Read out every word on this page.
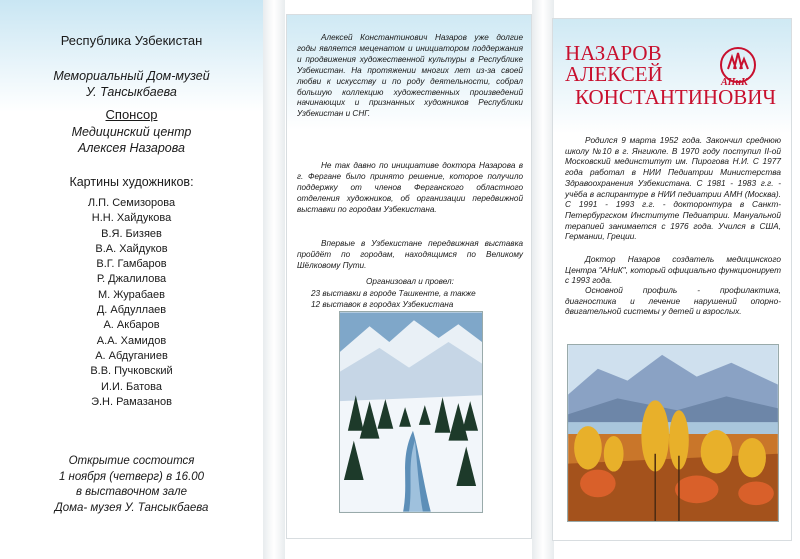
Республика Узбекистан
Мемориальный Дом-музей
У. Тансыкбаева
Спонсор
Медицинский центр
Алексея Назарова
Картины художников:
Л.П. Семизорова
Н.Н. Хайдукова
В.Я. Бизяев
В.А. Хайдуков
В.Г. Гамбаров
Р. Джалилова
М. Журабаев
Д. Абдуллаев
А. Акбаров
А.А. Хамидов
А. Абдуганиев
В.В. Пучковский
И.И. Батова
Э.Н. Рамазанов
Открытие состоится
1 ноября (четверг) в 16.00
в выставочном зале
Дома- музея У. Тансыкбаева

Алексей Константинович Назаров уже долгие годы является меценатом и инициатором поддержания и продвижения художественной культуры в Республике Узбекистан. На протяжении многих лет из-за своей любви к искусству и по роду деятельности, собрал большую коллекцию художественных произведений начинающих и признанных художников Республики Узбекистан и СНГ.

Не так давно по инициативе доктора Назарова в г. Фергане было принято решение, которое получило поддержку от членов Ферганского областного отделения художников, об организации передвижной выставки по городам Узбекистана.

Впервые в Узбекистане передвижная выставка пройдёт по городам, находящимся по Великому Шёлковому Пути.

Организовал и провел:
23 выставки в городе Ташкенте, а также
12 выставок в городах Узбекистана
НАЗАРОВ
АЛЕКСЕЙ
КОНСТАНТИНОВИЧ
АНиК

Родился 9 марта 1952 года. Закончил среднюю школу №10 в г. Янгиюле. В 1970 году поступил II-ой Московский мединститут им. Пирогова Н.И. С 1977 года работал в НИИ Педиатрии Министерства Здравоохранения Узбекистана. С 1981 - 1983 г.г. - учёба в аспирантуре в НИИ педиатрии АМН (Москва). С 1991 - 1993 г.г. - докторонтура в Санкт-Петербургском Институте Педиатрии. Мануальной терапией занимается с 1976 года. Учился в США, Германии, Греции.

Доктор Назаров создатель медицинского Центра "АНиК", который официально функционирует с 1993 года.

Основной профиль - профилактика, диагностика и лечение нарушений опорно-двигательной системы у детей и взрослых.
